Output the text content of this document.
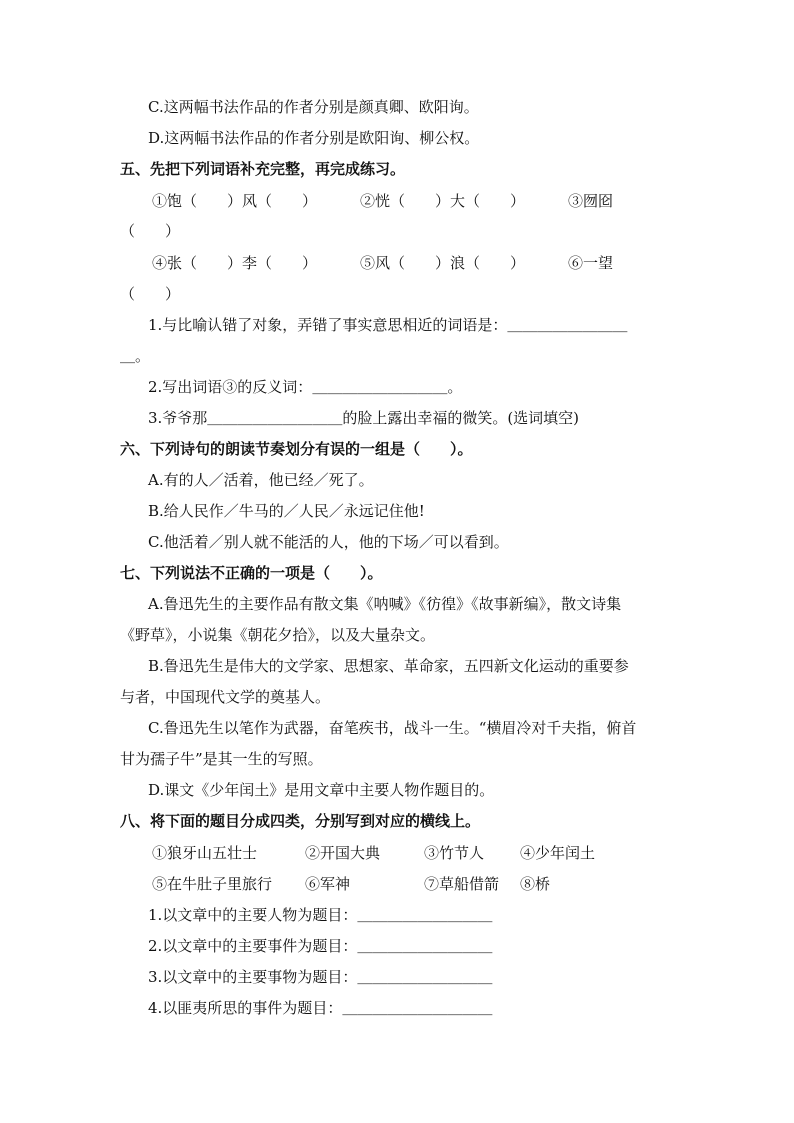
C.这两幅书法作品的作者分别是颜真卿、欧阳询。
D.这两幅书法作品的作者分别是欧阳询、柳公权。
五、先把下列词语补充完整，再完成练习。
①饱（　　）风（　　）	②恍（　　）大（　　）	③囫囵
（　　）
④张（　　）李（　　）	⑤风（　　）浪（　　）	⑥一望
（　　）
1.与比喻认错了对象，弄错了事实意思相近的词语是：＿＿＿＿＿＿＿＿
＿。
2.写出词语③的反义词：＿＿＿＿＿＿＿＿＿。
3.爷爷那＿＿＿＿＿＿＿＿＿的脸上露出幸福的微笑。(选词填空)
六、下列诗句的朗读节奏划分有误的一组是（　　）。
A.有的人／活着，他已经／死了。
B.给人民作／牛马的／人民／永远记住他!
C.他活着／别人就不能活的人，他的下场／可以看到。
七、下列说法不正确的一项是（　　）。
A.鲁迅先生的主要作品有散文集《呐喊》《彷徨》《故事新编》，散文诗集
《野草》，小说集《朝花夕拾》，以及大量杂文。
B.鲁迅先生是伟大的文学家、思想家、革命家，五四新文化运动的重要参
与者，中国现代文学的奠基人。
C.鲁迅先生以笔作为武器，奋笔疾书，战斗一生。“横眉冷对千夫指，俯首
甘为孺子牛”是其一生的写照。
D.课文《少年闰土》是用文章中主要人物作题目的。
八、将下面的题目分成四类，分别写到对应的横线上。
①狼牙山五壮士	②开国大典	③竹节人 ④少年闰土
⑤在牛肚子里旅行 ⑥军神	⑦草船借箭 ⑧桥
1.以文章中的主要人物为题目：＿＿＿＿＿＿＿＿＿
2.以文章中的主要事件为题目：＿＿＿＿＿＿＿＿＿
3.以文章中的主要事物为题目：＿＿＿＿＿＿＿＿＿
4.以匪夷所思的事件为题目：＿＿＿＿＿＿＿＿＿＿
